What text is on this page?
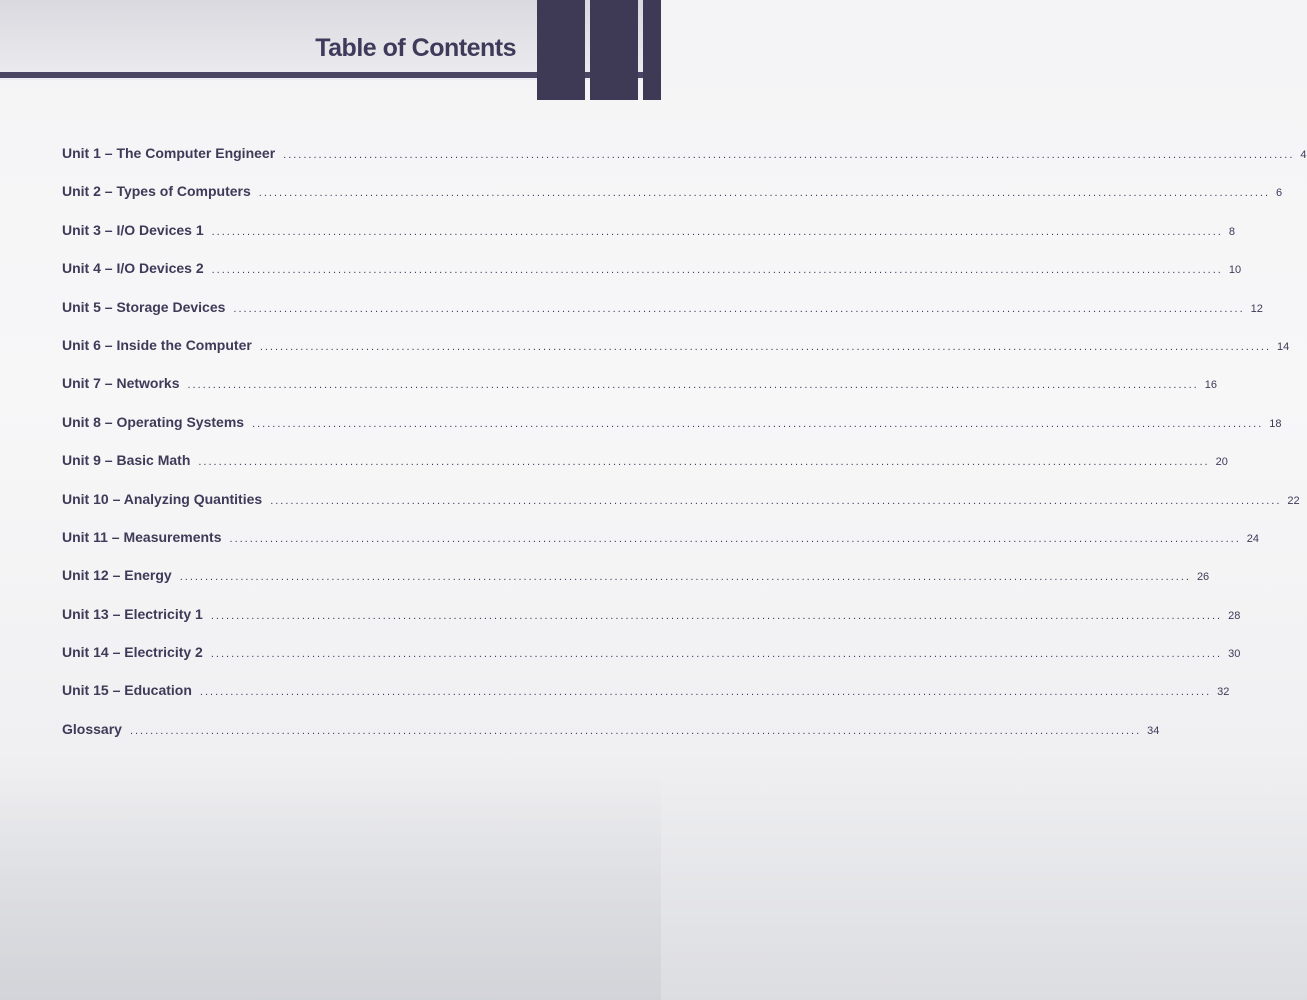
Table of Contents
Unit 1 – The Computer Engineer ........................................................................................................................................................................................................ 4
Unit 2 – Types of Computers ........................................................................................................................................................................................................ 6
Unit 3 – I/O Devices 1 ........................................................................................................................................................................................................ 8
Unit 4 – I/O Devices 2 ........................................................................................................................................................................................................ 10
Unit 5 – Storage Devices ........................................................................................................................................................................................................ 12
Unit 6 – Inside the Computer ........................................................................................................................................................................................................ 14
Unit 7 – Networks ........................................................................................................................................................................................................ 16
Unit 8 – Operating Systems ........................................................................................................................................................................................................ 18
Unit 9 – Basic Math ........................................................................................................................................................................................................ 20
Unit 10 – Analyzing Quantities ........................................................................................................................................................................................................ 22
Unit 11 – Measurements ........................................................................................................................................................................................................ 24
Unit 12 – Energy ........................................................................................................................................................................................................ 26
Unit 13 – Electricity 1 ........................................................................................................................................................................................................ 28
Unit 14 – Electricity 2 ........................................................................................................................................................................................................ 30
Unit 15 – Education ........................................................................................................................................................................................................ 32
Glossary ........................................................................................................................................................................................................ 34
